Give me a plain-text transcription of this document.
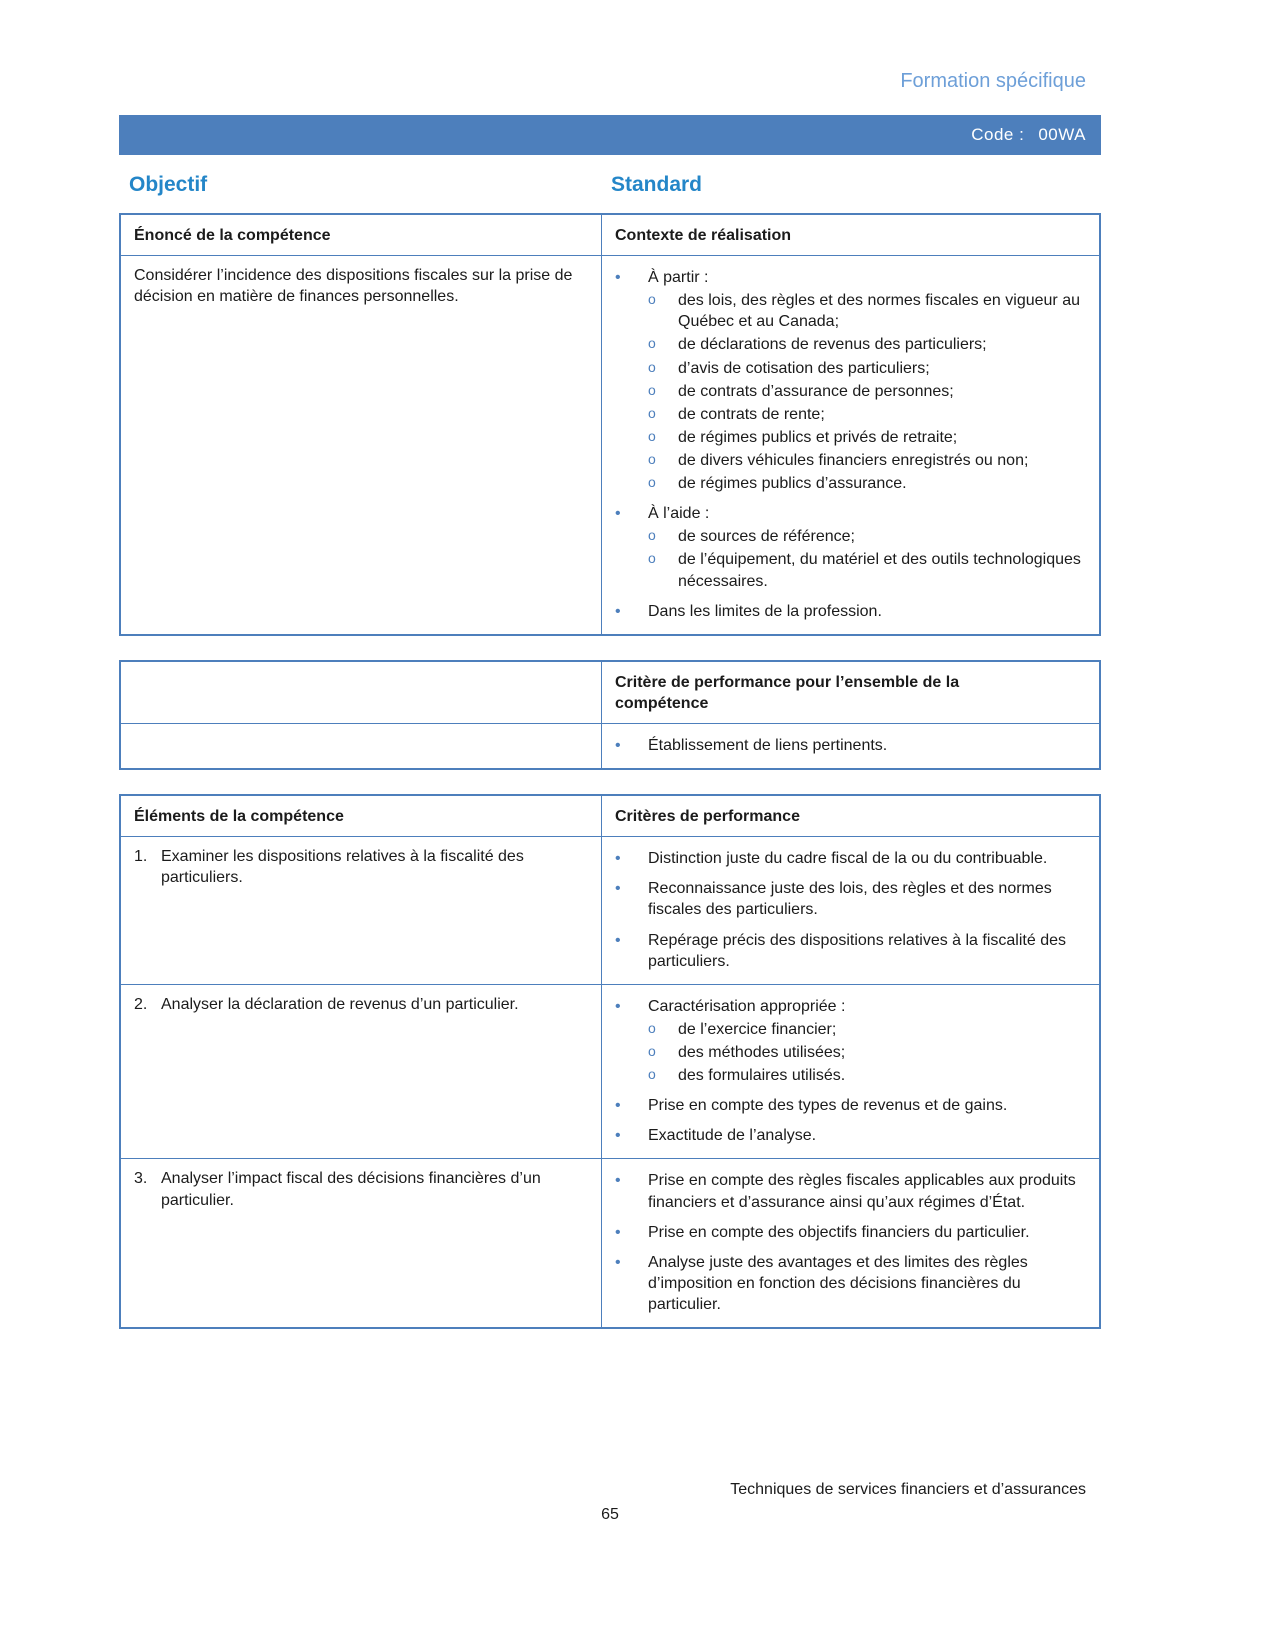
Formation spécifique
Code : 00WA
Objectif	Standard
Énoncé de la compétence	Contexte de réalisation

Considérer l’incidence des dispositions fiscales sur la prise de décision en matière de finances personnelles.

•	À partir :
o	des lois, des règles et des normes fiscales en vigueur au Québec et au Canada;
o	de déclarations de revenus des particuliers;
o	d’avis de cotisation des particuliers;
o	de contrats d’assurance de personnes;
o	de contrats de rente;
o	de régimes publics et privés de retraite;
o	de divers véhicules financiers enregistrés ou non;
o	de régimes publics d’assurance.
•	À l’aide :
o	de sources de référence;
o	de l’équipement, du matériel et des outils technologiques nécessaires.
•	Dans les limites de la profession.
Critère de performance pour l’ensemble de la compétence
•	Établissement de liens pertinents.
Éléments de la compétence	Critères de performance
1. Examiner les dispositions relatives à la fiscalité des particuliers.
•	Distinction juste du cadre fiscal de la ou du contribuable.
•	Reconnaissance juste des lois, des règles et des normes fiscales des particuliers.
•	Repérage précis des dispositions relatives à la fiscalité des particuliers.
2. Analyser la déclaration de revenus d’un particulier.	•	Caractérisation appropriée :
o	de l’exercice financier;
o	des méthodes utilisées;
o	des formulaires utilisés.
•	Prise en compte des types de revenus et de gains.
•	Exactitude de l’analyse.
3. Analyser l’impact fiscal des décisions financières d’un particulier.
•	Prise en compte des règles fiscales applicables aux produits financiers et d’assurance ainsi qu’aux régimes d’État.
•	Prise en compte des objectifs financiers du particulier.
•	Analyse juste des avantages et des limites des règles d’imposition en fonction des décisions financières du particulier.
Techniques de services financiers et d’assurances
65
